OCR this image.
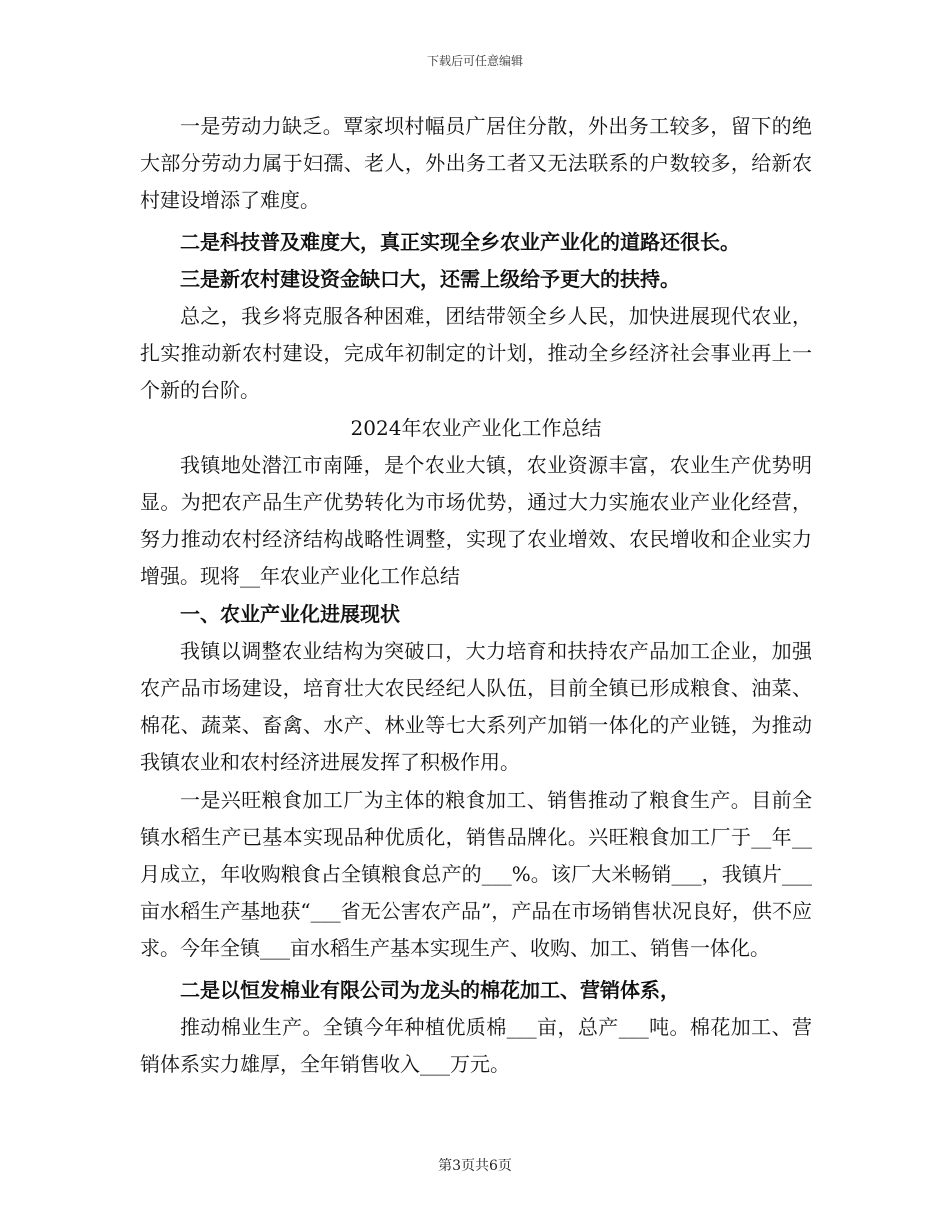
下载后可任意编辑

一是劳动力缺乏。覃家坝村幅员广居住分散，外出务工较多，留下的绝大部分劳动力属于妇孺、老人，外出务工者又无法联系的户数较多，给新农村建设增添了难度。

二是科技普及难度大，真正实现全乡农业产业化的道路还很长。

三是新农村建设资金缺口大，还需上级给予更大的扶持。

总之，我乡将克服各种困难，团结带领全乡人民，加快进展现代农业，扎实推动新农村建设，完成年初制定的计划，推动全乡经济社会事业再上一个新的台阶。

2024年农业产业化工作总结

我镇地处潜江市南陲，是个农业大镇，农业资源丰富，农业生产优势明显。为把农产品生产优势转化为市场优势，通过大力实施农业产业化经营，努力推动农村经济结构战略性调整，实现了农业增效、农民增收和企业实力增强。现将__年农业产业化工作总结

一、农业产业化进展现状

我镇以调整农业结构为突破口，大力培育和扶持农产品加工企业，加强农产品市场建设，培育壮大农民经纪人队伍，目前全镇已形成粮食、油菜、棉花、蔬菜、畜禽、水产、林业等七大系列产加销一体化的产业链，为推动我镇农业和农村经济进展发挥了积极作用。

一是兴旺粮食加工厂为主体的粮食加工、销售推动了粮食生产。目前全镇水稻生产已基本实现品种优质化，销售品牌化。兴旺粮食加工厂于__年__月成立，年收购粮食占全镇粮食总产的___%。该厂大米畅销___，我镇片___亩水稻生产基地获“___省无公害农产品”，产品在市场销售状况良好，供不应求。今年全镇___亩水稻生产基本实现生产、收购、加工、销售一体化。

二是以恒发棉业有限公司为龙头的棉花加工、营销体系，

推动棉业生产。全镇今年种植优质棉___亩，总产___吨。棉花加工、营销体系实力雄厚，全年销售收入___万元。

第3页共6页
